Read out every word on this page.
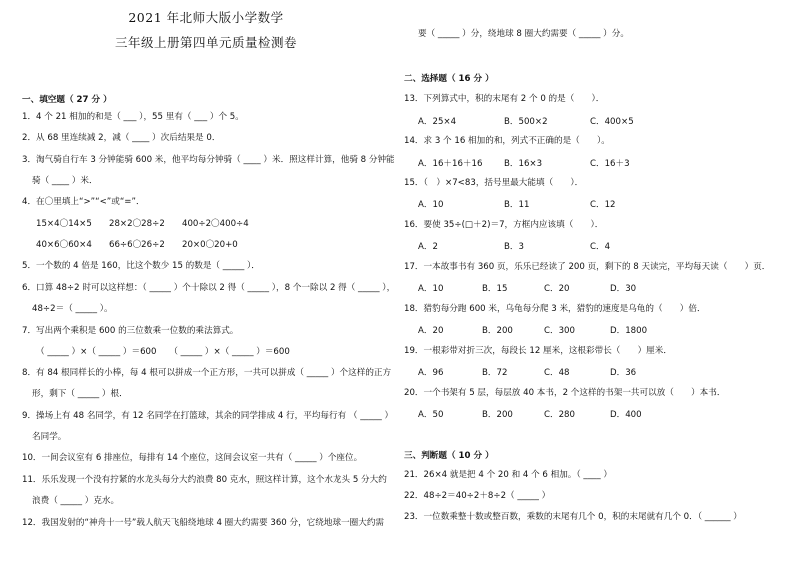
2021 年北师大版小学数学
三年级上册第四单元质量检测卷
一、填空题（ 27 分 ）
1．4 个 21 相加的和是（ ___ ），55 里有（ ___ ）个 5。
2．从 68 里连续减 2，减（ ____ ）次后结果是 0．
3．淘气骑自行车 3 分钟能骑 600 米，他平均每分钟骑（ ____ ）米．照这样计算，他骑 8 分钟能
骑（ ____ ）米．
4．在〇里填上“>”“<”或“=”．
15×4〇14×5　　28×2〇28÷2　　400÷2〇400÷4
40×6〇60×4　　66÷6〇26÷2　　20×0〇20+0
5．一个数的 4 倍是 160，比这个数少 15 的数是（ _____ ）．
6．口算 48÷2 时可以这样想：（ _____ ）个十除以 2 得（ _____ ），8 个一除以 2 得（ _____ ），
48÷2＝（ _____ ）。
7．写出两个乘积是 600 的三位数乘一位数的乘法算式。
（ _____ ）×（ _____ ）＝600　　（ _____ ）×（ _____ ）＝600
8．有 84 根同样长的小棒，每 4 根可以拼成一个正方形，一共可以拼成（ _____ ）个这样的正方
形，剩下（ _____ ）根．
9．操场上有 48 名同学，有 12 名同学在打篮球，其余的同学排成 4 行，平均每行有 （ _____ ）
名同学。
10．一间会议室有 6 排座位，每排有 14 个座位，这间会议室一共有（ _____ ）个座位。
11．乐乐发现一个没有拧紧的水龙头每分大约浪费 80 克水，照这样计算，这个水龙头 5 分大约
浪费（ _____ ）克水。
12．我国发射的“神舟十一号”载人航天飞船绕地球 4 圈大约需要 360 分，它绕地球一圈大约需
要（ _____ ）分，绕地球 8 圈大约需要（ _____ ）分。
二、选择题（ 16 分 ）
13．下列算式中，积的末尾有 2 个 0 的是（　　）．
A．25×4	B．500×2	C．400×5
14．求 3 个 16 相加的和，列式不正确的是（　　）。
A．16＋16＋16	B．16×3	C．16＋3
15．（　）×7<83，括号里最大能填（　　）．
A．10	B．11	C．12
16．要使 35÷(□＋2)＝7，方框内应该填（　　）．
A．2	B．3	C．4
17．一本故事书有 360 页，乐乐已经读了 200 页，剩下的 8 天读完，平均每天读（　　）页．
A．10	B．15	C．20	D．30
18．猎豹每分跑 600 米，乌龟每分爬 3 米，猎豹的速度是乌龟的（　　）倍．
A．20	B．200	C．300	D．1800
19．一根彩带对折三次，每段长 12 厘米，这根彩带长（　　）厘米．
A．96	B．72	C．48	D．36
20．一个书架有 5 层，每层放 40 本书，2 个这样的书架一共可以放（　　）本书．
A．50	B．200	C．280	D．400
三、判断题（ 10 分 ）
21．26×4 就是把 4 个 20 和 4 个 6 相加。（ ____ ）
22．48÷2＝40÷2＋8÷2（ _____ ）
23．一位数乘整十数或整百数，乘数的末尾有几个 0，积的末尾就有几个 0．（ ______ ）
